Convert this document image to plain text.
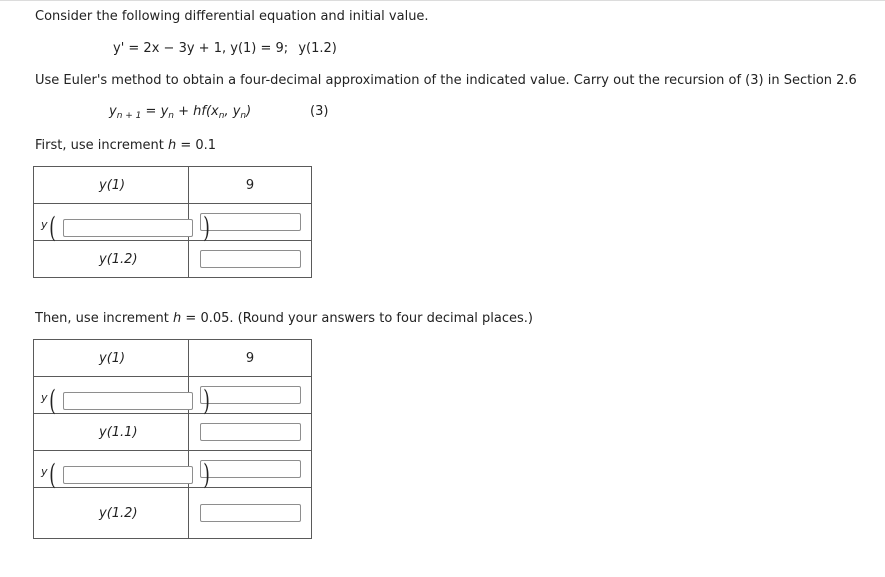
Consider the following differential equation and initial value.
y' = 2x − 3y + 1, y(1) = 9; y(1.2)
Use Euler's method to obtain a four-decimal approximation of the indicated value. Carry out the recursion of (3) in Section 2.6
$y_{n + 1} = y_n + hf(x_n$, $y_n$)	(3)
First, use increment h = 0.1
y(1)	9

y ( )	

y(1.2)	
Then, use increment h = 0.05. (Round your answers to four decimal places.)
y(1)	9

y ( )	

y(1.1)	

y ( )	

y(1.2)	
